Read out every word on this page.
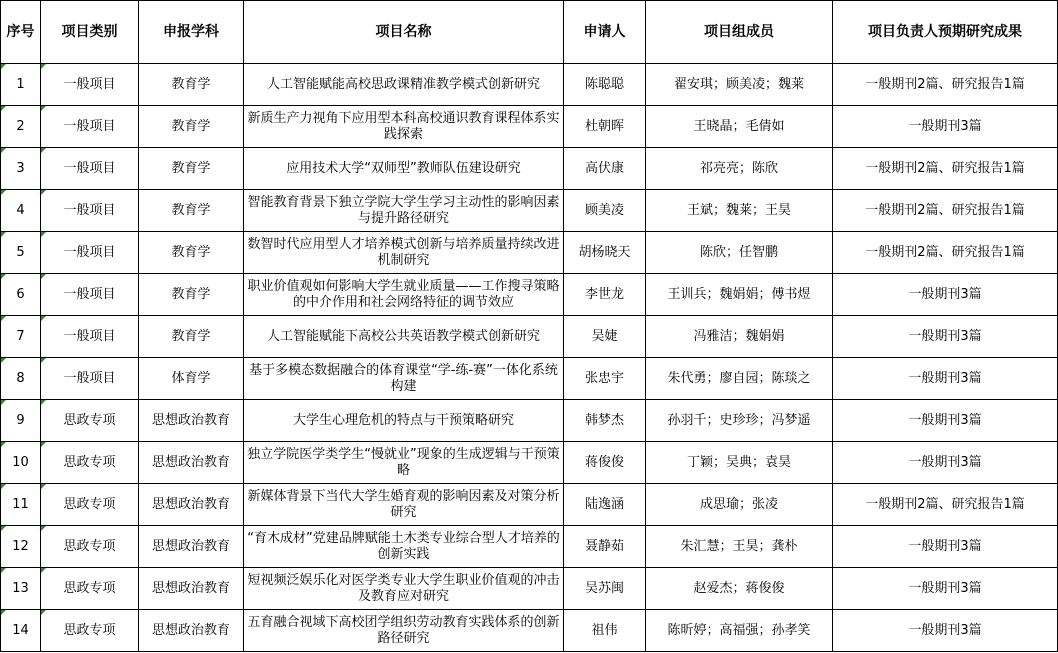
序号	项目类别	申报学科	项目名称	申请人	项目组成员	项目负责人预期研究成果
1	一般项目	教育学	人工智能赋能高校思政课精准教学模式创新研究	陈聪聪	翟安琪；顾美凌；魏莱	一般期刊2篇、研究报告1篇
2	一般项目	教育学	新质生产力视角下应用型本科高校通识教育课程体系实践探索	杜朝晖	王晓晶；毛倩如	一般期刊3篇
3	一般项目	教育学	应用技术大学“双师型”教师队伍建设研究	高伏康	祁亮亮；陈欣	一般期刊2篇、研究报告1篇
4	一般项目	教育学	智能教育背景下独立学院大学生学习主动性的影响因素与提升路径研究	顾美凌	王斌；魏莱；王昊	一般期刊2篇、研究报告1篇
5	一般项目	教育学	数智时代应用型人才培养模式创新与培养质量持续改进机制研究	胡杨晓天	陈欣；任智鹏	一般期刊2篇、研究报告1篇
6	一般项目	教育学	职业价值观如何影响大学生就业质量——工作搜寻策略的中介作用和社会网络特征的调节效应	李世龙	王训兵；魏娟娟；傅书煜	一般期刊3篇
7	一般项目	教育学	人工智能赋能下高校公共英语教学模式创新研究	吴婕	冯雅洁；魏娟娟	一般期刊3篇
8	一般项目	体育学	基于多模态数据融合的体育课堂“学-练-赛”一体化系统构建	张忠宇	朱代勇；廖自园；陈琰之	一般期刊3篇
9	思政专项	思想政治教育	大学生心理危机的特点与干预策略研究	韩梦杰	孙羽千；史珍珍；冯梦遥	一般期刊3篇
10	思政专项	思想政治教育	独立学院医学类学生“慢就业”现象的生成逻辑与干预策略	蒋俊俊	丁颖；吴典；袁昊	一般期刊3篇
11	思政专项	思想政治教育	新媒体背景下当代大学生婚育观的影响因素及对策分析研究	陆逸涵	成思瑜；张凌	一般期刊2篇、研究报告1篇
12	思政专项	思想政治教育	“育木成材”党建品牌赋能土木类专业综合型人才培养的创新实践	聂静茹	朱汇慧；王昊；龚朴	一般期刊3篇
13	思政专项	思想政治教育	短视频泛娱乐化对医学类专业大学生职业价值观的冲击及教育应对研究	吴苏闽	赵爱杰；蒋俊俊	一般期刊3篇
14	思政专项	思想政治教育	五育融合视域下高校团学组织劳动教育实践体系的创新路径研究	祖伟	陈昕婷；高福强；孙孝笑	一般期刊3篇
